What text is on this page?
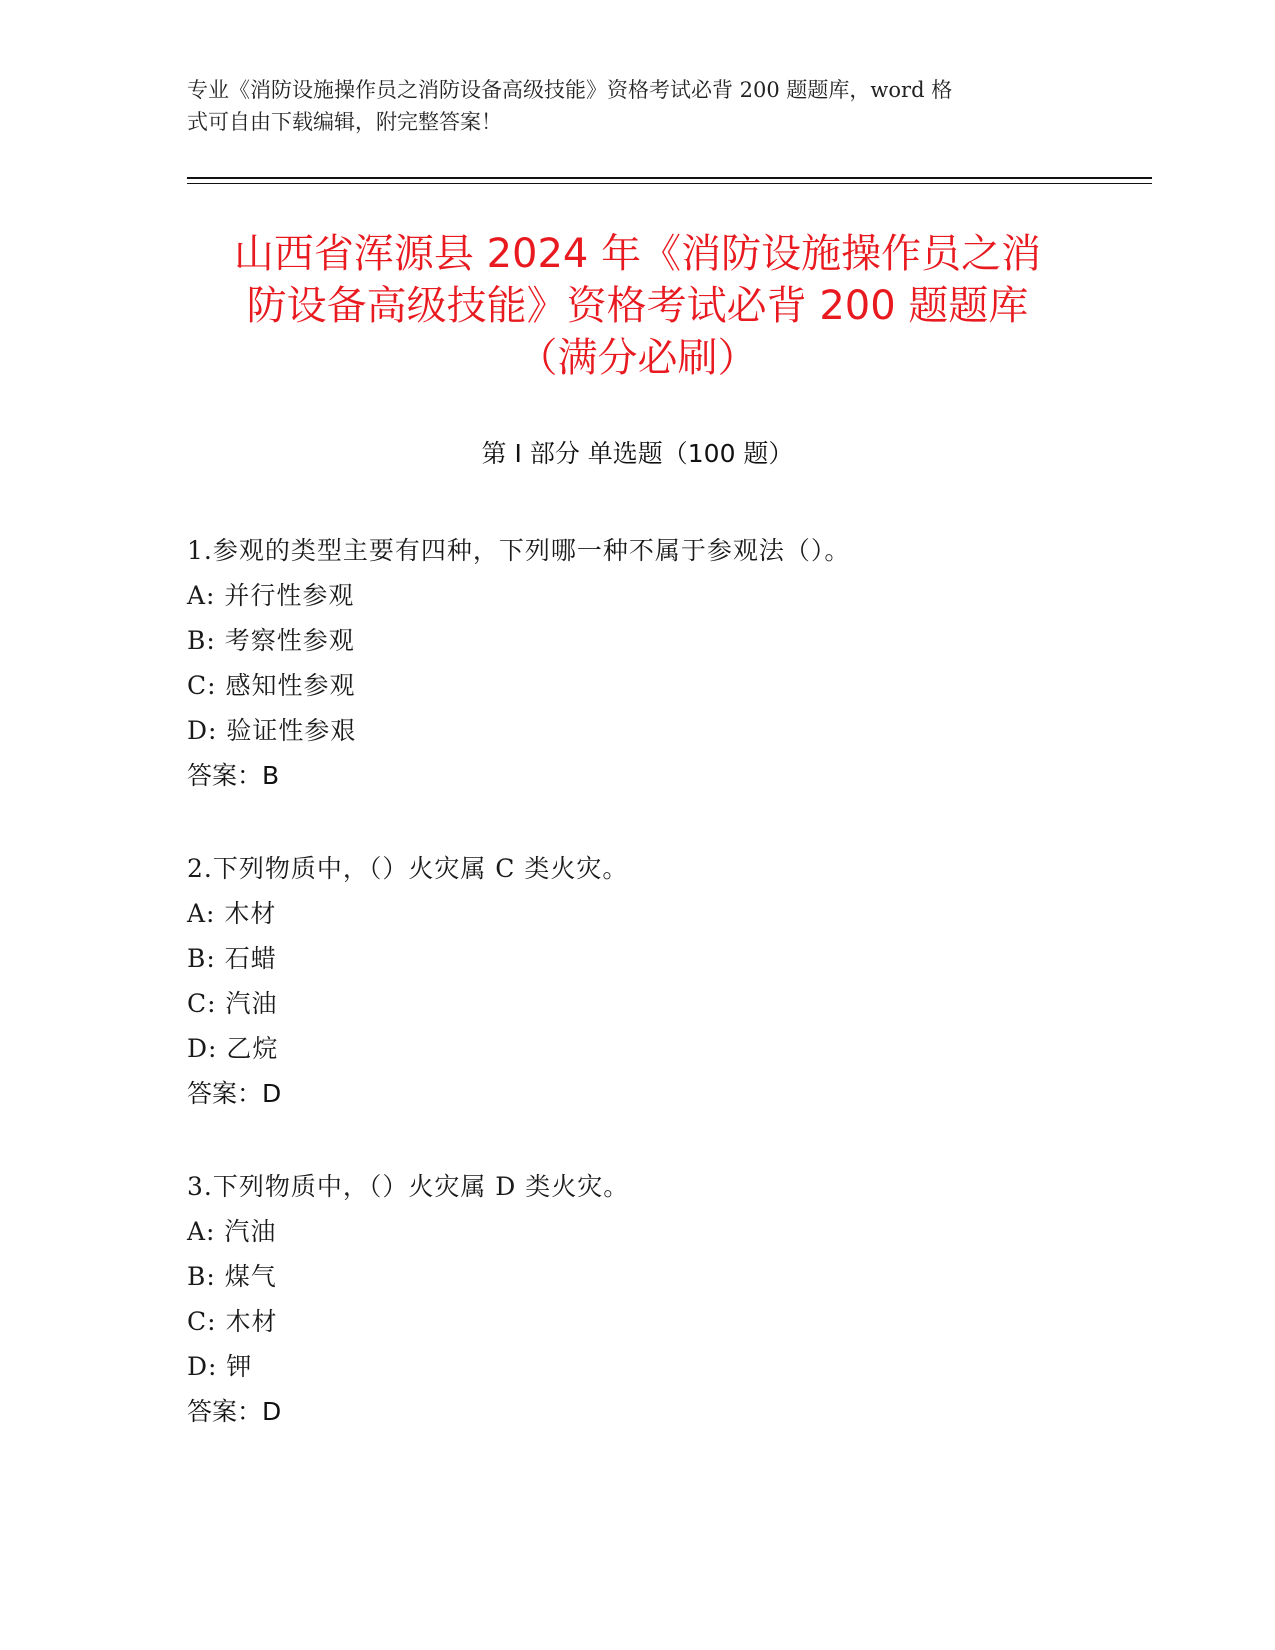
专业《消防设施操作员之消防设备高级技能》资格考试必背 200 题题库，word 格
式可自由下载编辑，附完整答案！
山西省浑源县 2024 年《消防设施操作员之消
防设备高级技能》资格考试必背 200 题题库
（满分必刷）
第 I 部分 单选题（100 题）
1.参观的类型主要有四种，下列哪一种不属于参观法（）。
A: 并行性参观
B: 考察性参观
C: 感知性参观
D: 验证性参艰
答案：B
2.下列物质中，（）火灾属 C 类火灾。
A: 木材
B: 石蜡
C: 汽油
D: 乙烷
答案：D
3.下列物质中，（）火灾属 D 类火灾。
A: 汽油
B: 煤气
C: 木材
D: 钾
答案：D
